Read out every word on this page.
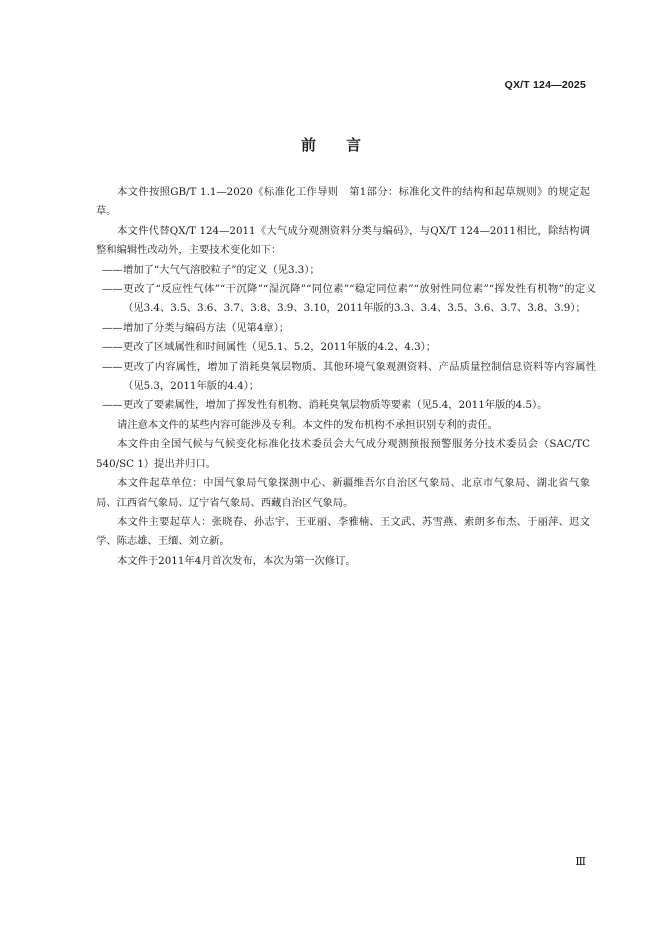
QX/T 124—2025
前 言

本文件按照GB/T 1.1—2020《标准化工作导则　第1部分：标准化文件的结构和起草规则》的规定起草。

本文件代替QX/T 124—2011《大气成分观测资料分类与编码》，与QX/T 124—2011相比，除结构调整和编辑性改动外，主要技术变化如下：

——增加了“大气气溶胶粒子”的定义（见3.3）；

——更改了“反应性气体”“干沉降”“湿沉降”“同位素”“稳定同位素”“放射性同位素”“挥发性有机物”的定义（见3.4、3.5、3.6、3.7、3.8、3.9、3.10，2011年版的3.3、3.4、3.5、3.6、3.7、3.8、3.9）；

——增加了分类与编码方法（见第4章）；

——更改了区域属性和时间属性（见5.1、5.2，2011年版的4.2、4.3）；

——更改了内容属性，增加了消耗臭氧层物质、其他环境气象观测资料、产品质量控制信息资料等内容属性（见5.3，2011年版的4.4）；

——更改了要素属性，增加了挥发性有机物、消耗臭氧层物质等要素（见5.4，2011年版的4.5）。

请注意本文件的某些内容可能涉及专利。本文件的发布机构不承担识别专利的责任。

本文件由全国气候与气候变化标准化技术委员会大气成分观测预报预警服务分技术委员会（SAC/TC 540/SC 1）提出并归口。

本文件起草单位：中国气象局气象探测中心、新疆维吾尔自治区气象局、北京市气象局、湖北省气象局、江西省气象局、辽宁省气象局、西藏自治区气象局。

本文件主要起草人：张晓春、孙志宇、王亚丽、李雅楠、王文武、苏雪燕、索朗多布杰、于丽萍、迟文学、陈志雄、王缅、刘立新。

本文件于2011年4月首次发布，本次为第一次修订。

Ⅲ
